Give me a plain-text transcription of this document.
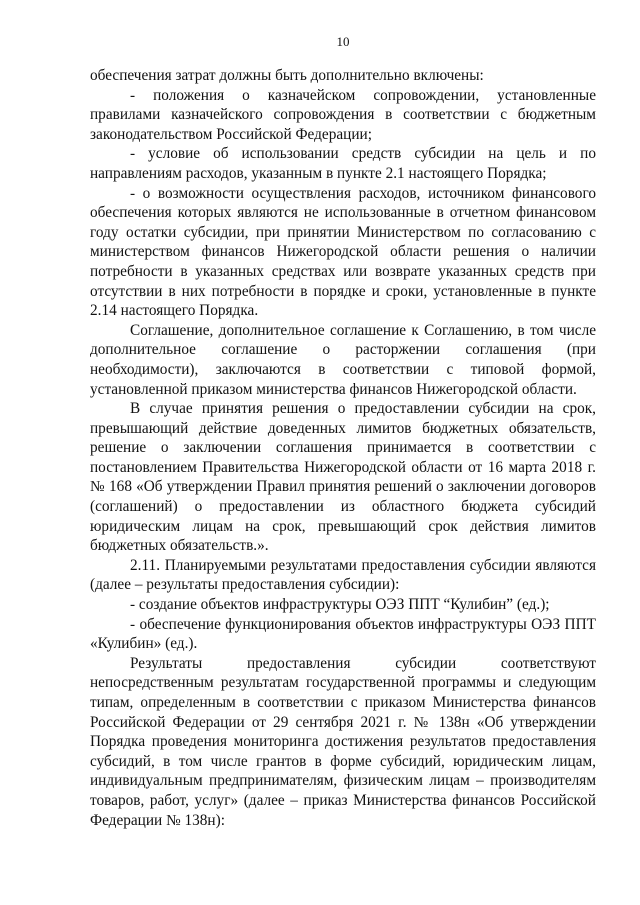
10

обеспечения затрат должны быть дополнительно включены:

- положения о казначейском сопровождении, установленные правилами казначейского сопровождения в соответствии с бюджетным законодательством Российской Федерации;

- условие об использовании средств субсидии на цель и по направлениям расходов, указанным в пункте 2.1 настоящего Порядка;

- о возможности осуществления расходов, источником финансового обеспечения которых являются не использованные в отчетном финансовом году остатки субсидии, при принятии Министерством по согласованию с министерством финансов Нижегородской области решения о наличии потребности в указанных средствах или возврате указанных средств при отсутствии в них потребности в порядке и сроки, установленные в пункте 2.14 настоящего Порядка.

Соглашение, дополнительное соглашение к Соглашению, в том числе дополнительное соглашение о расторжении соглашения (при необходимости), заключаются в соответствии с типовой формой, установленной приказом министерства финансов Нижегородской области.

В случае принятия решения о предоставлении субсидии на срок, превышающий действие доведенных лимитов бюджетных обязательств, решение о заключении соглашения принимается в соответствии с постановлением Правительства Нижегородской области от 16 марта 2018 г. № 168 «Об утверждении Правил принятия решений о заключении договоров (соглашений) о предоставлении из областного бюджета субсидий юридическим лицам на срок, превышающий срок действия лимитов бюджетных обязательств.».

2.11. Планируемыми результатами предоставления субсидии являются (далее – результаты предоставления субсидии):

- создание объектов инфраструктуры ОЭЗ ППТ “Кулибин” (ед.);

- обеспечение функционирования объектов инфраструктуры ОЭЗ ППТ «Кулибин» (ед.).

Результаты предоставления субсидии соответствуют непосредственным результатам государственной программы и следующим типам, определенным в соответствии с приказом Министерства финансов Российской Федерации от 29 сентября 2021 г. № 138н «Об утверждении Порядка проведения мониторинга достижения результатов предоставления субсидий, в том числе грантов в форме субсидий, юридическим лицам, индивидуальным предпринимателям, физическим лицам – производителям товаров, работ, услуг» (далее – приказ Министерства финансов Российской Федерации № 138н):
